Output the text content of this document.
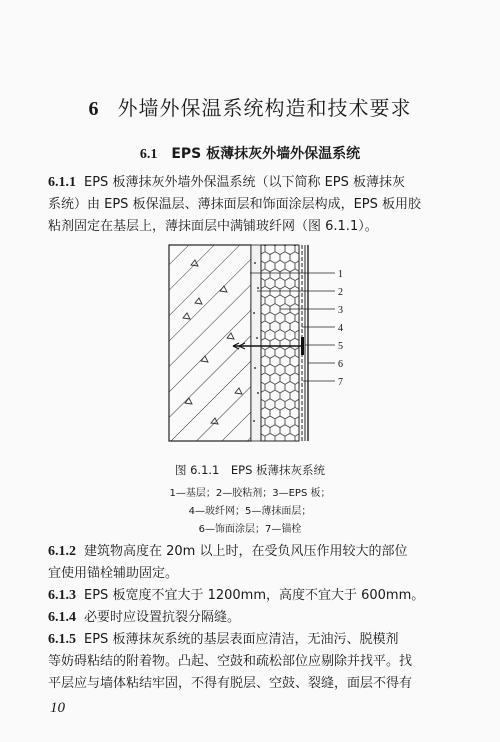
6 外墙外保温系统构造和技术要求
6.1 EPS 板薄抹灰外墙外保温系统
6.1.1 EPS 板薄抹灰外墙外保温系统（以下简称 EPS 板薄抹灰
系统）由 EPS 板保温层、薄抹面层和饰面涂层构成，EPS 板用胶
粘剂固定在基层上，薄抹面层中满铺玻纤网（图 6.1.1）。
1
2
3
4
5
6
7
图 6.1.1　EPS 板薄抹灰系统
1—基层；2—胶粘剂；3—EPS 板；
4—玻纤网；5—薄抹面层；
6—饰面涂层；7—锚栓
6.1.2 建筑物高度在 20m 以上时，在受负风压作用较大的部位
宜使用锚栓辅助固定。
6.1.3 EPS 板宽度不宜大于 1200mm，高度不宜大于 600mm。
6.1.4 必要时应设置抗裂分隔缝。
6.1.5 EPS 板薄抹灰系统的基层表面应清洁，无油污、脱模剂
等妨碍粘结的附着物。凸起、空鼓和疏松部位应剔除并找平。找
平层应与墙体粘结牢固，不得有脱层、空鼓、裂缝，面层不得有
10
